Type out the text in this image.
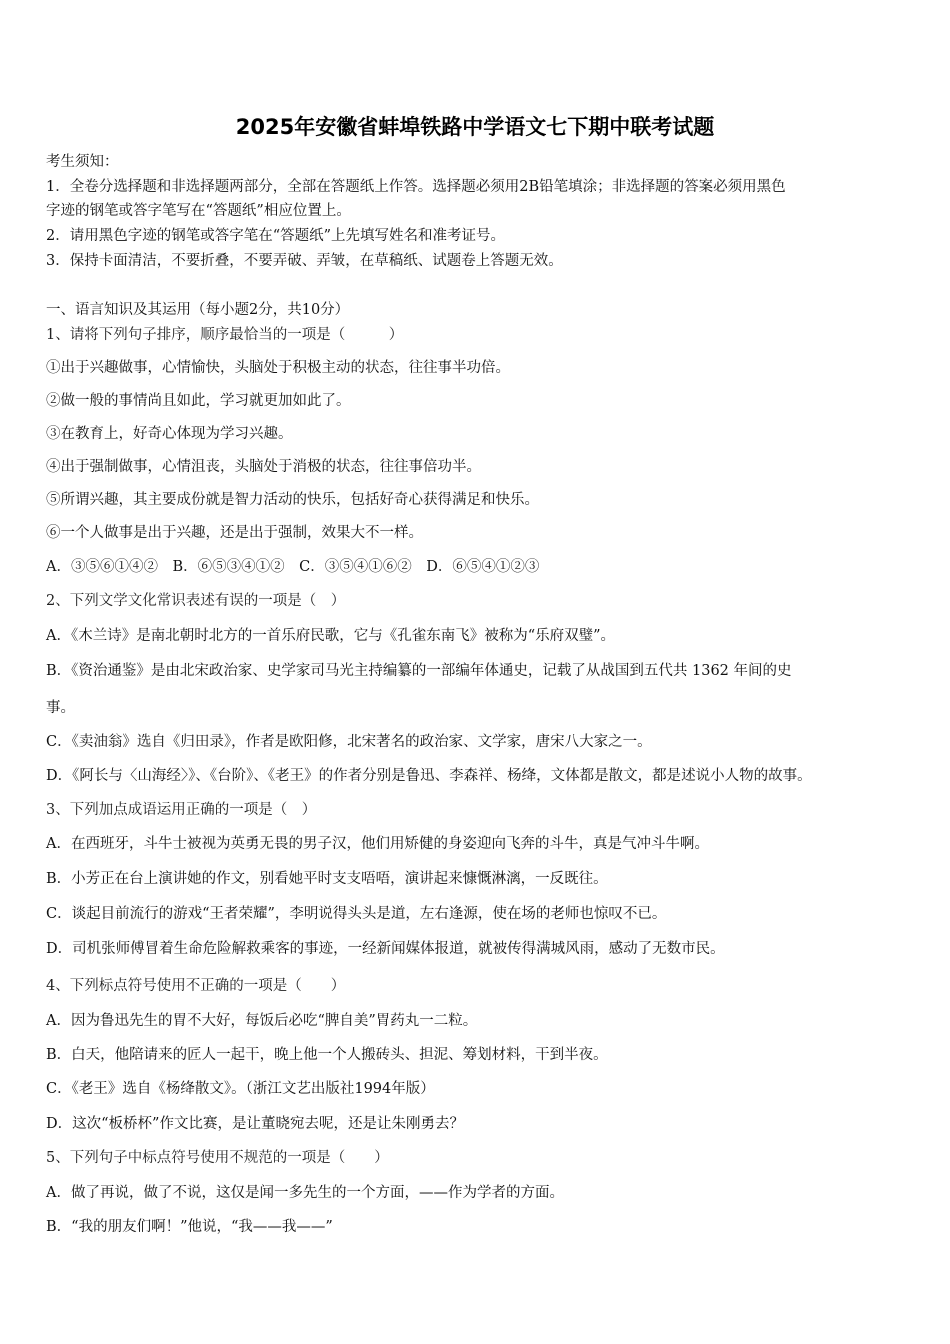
2025年安徽省蚌埠铁路中学语文七下期中联考试题
考生须知：
1．全卷分选择题和非选择题两部分，全部在答题纸上作答。选择题必须用2B铅笔填涂；非选择题的答案必须用黑色
字迹的钢笔或答字笔写在“答题纸”相应位置上。
2．请用黑色字迹的钢笔或答字笔在“答题纸”上先填写姓名和准考证号。
3．保持卡面清洁，不要折叠，不要弄破、弄皱，在草稿纸、试题卷上答题无效。
一、语言知识及其运用（每小题2分，共10分）
1、请将下列句子排序，顺序最恰当的一项是（　　　）
①出于兴趣做事，心情愉快，头脑处于积极主动的状态，往往事半功倍。
②做一般的事情尚且如此，学习就更加如此了。
③在教育上，好奇心体现为学习兴趣。
④出于强制做事，心情沮丧，头脑处于消极的状态，往往事倍功半。
⑤所谓兴趣，其主要成份就是智力活动的快乐，包括好奇心获得满足和快乐。
⑥一个人做事是出于兴趣，还是出于强制，效果大不一样。
A．③⑤⑥①④②　B．⑥⑤③④①②　C．③⑤④①⑥②　D．⑥⑤④①②③
2、下列文学文化常识表述有误的一项是（　）
A．《木兰诗》是南北朝时北方的一首乐府民歌，它与《孔雀东南飞》被称为“乐府双璧”。
B．《资治通鉴》是由北宋政治家、史学家司马光主持编纂的一部编年体通史，记载了从战国到五代共 1362 年间的史
事。
C．《卖油翁》选自《归田录》，作者是欧阳修，北宋著名的政治家、文学家，唐宋八大家之一。
D．《阿长与〈山海经〉》、《台阶》、《老王》的作者分别是鲁迅、李森祥、杨绛，文体都是散文，都是述说小人物的故事。
3、下列加点成语运用正确的一项是（　）
A．在西班牙，斗牛士被视为英勇无畏的男子汉，他们用矫健的身姿迎向飞奔的斗牛，真是气冲斗牛啊。
B．小芳正在台上演讲她的作文，别看她平时支支唔唔，演讲起来慷慨淋漓，一反既往。
C．谈起目前流行的游戏“王者荣耀”，李明说得头头是道，左右逢源，使在场的老师也惊叹不已。
D．司机张师傅冒着生命危险解救乘客的事迹，一经新闻媒体报道，就被传得满城风雨，感动了无数市民。
4、下列标点符号使用不正确的一项是（　　）
A．因为鲁迅先生的胃不大好，每饭后必吃“脾自美”胃药丸一二粒。
B．白天，他陪请来的匠人一起干，晚上他一个人搬砖头、担泥、筹划材料，干到半夜。
C．《老王》选自《杨绛散文》。（浙江文艺出版社1994年版）
D．这次“板桥杯”作文比赛，是让董晓宛去呢，还是让朱刚勇去？
5、下列句子中标点符号使用不规范的一项是（　　）
A．做了再说，做了不说，这仅是闻一多先生的一个方面，——作为学者的方面。
B．“我的朋友们啊！”他说，“我——我——”
